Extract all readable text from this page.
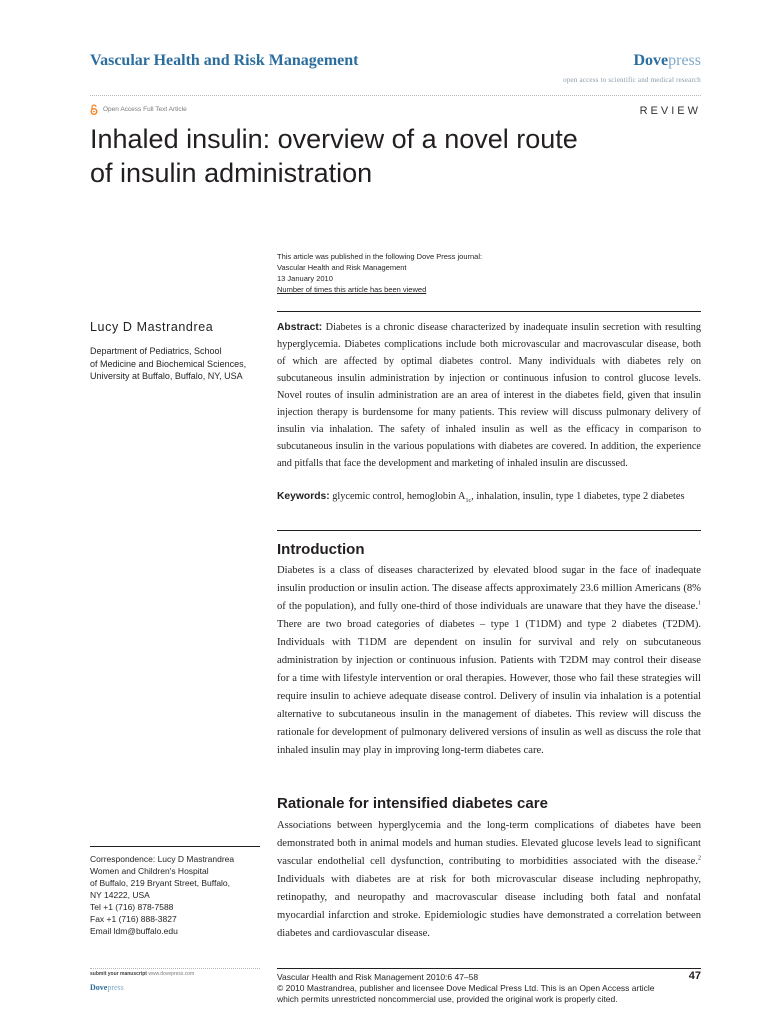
Vascular Health and Risk Management	Dovepress
open access to scientific and medical research
Open Access Full Text Article	REVIEW
Inhaled insulin: overview of a novel route
of insulin administration
This article was published in the following Dove Press journal:
Vascular Health and Risk Management
13 January 2010
Number of times this article has been viewed
Lucy D Mastrandrea
Department of Pediatrics, School
of Medicine and Biochemical Sciences,
University at Buffalo, Buffalo, NY, USA
Abstract: Diabetes is a chronic disease characterized by inadequate insulin secretion with resulting hyperglycemia. Diabetes complications include both microvascular and macrovascular disease, both of which are affected by optimal diabetes control. Many individuals with diabetes rely on subcutaneous insulin administration by injection or continuous infusion to control glucose levels. Novel routes of insulin administration are an area of interest in the diabetes field, given that insulin injection therapy is burdensome for many patients. This review will discuss pulmonary delivery of insulin via inhalation. The safety of inhaled insulin as well as the efficacy in comparison to subcutaneous insulin in the various populations with diabetes are covered. In addition, the experience and pitfalls that face the development and marketing of inhaled insulin are discussed.
Keywords: glycemic control, hemoglobin $A_{1c}$, inhalation, insulin, type 1 diabetes, type 2 diabetes
Introduction
Diabetes is a class of diseases characterized by elevated blood sugar in the face of inadequate insulin production or insulin action. The disease affects approximately 23.6 million Americans (8% of the population), and fully one-third of those individuals are unaware that they have the disease.$^1$ There are two broad categories of diabetes – type 1 (T1DM) and type 2 diabetes (T2DM). Individuals with T1DM are dependent on insulin for survival and rely on subcutaneous administration by injection or continuous infusion. Patients with T2DM may control their disease for a time with lifestyle intervention or oral therapies. However, those who fail these strategies will require insulin to achieve adequate disease control. Delivery of insulin via inhalation is a potential alternative to subcutaneous insulin in the management of diabetes. This review will discuss the rationale for development of pulmonary delivered versions of insulin as well as discuss the role that inhaled insulin may play in improving long-term diabetes care.
Rationale for intensified diabetes care
Associations between hyperglycemia and the long-term complications of diabetes have been demonstrated both in animal models and human studies. Elevated glucose levels lead to significant vascular endothelial cell dysfunction, contributing to morbidities associated with the disease.$^2$ Individuals with diabetes are at risk for both microvascular disease including nephropathy, retinopathy, and neuropathy and macrovascular disease including both fatal and nonfatal myocardial infarction and stroke. Epidemiologic studies have demonstrated a correlation between diabetes and cardiovascular disease.
Correspondence: Lucy D Mastrandrea
Women and Children's Hospital
of Buffalo, 219 Bryant Street, Buffalo,
NY 14222, USA
Tel +1 (716) 878-7588
Fax +1 (716) 888-3827
Email ldm@buffalo.edu
submit your manuscript www.dovepress.com
Dovepress
Vascular Health and Risk Management 2010:6 47–58
© 2010 Mastrandrea, publisher and licensee Dove Medical Press Ltd. This is an Open Access article
which permits unrestricted noncommercial use, provided the original work is properly cited.
47
